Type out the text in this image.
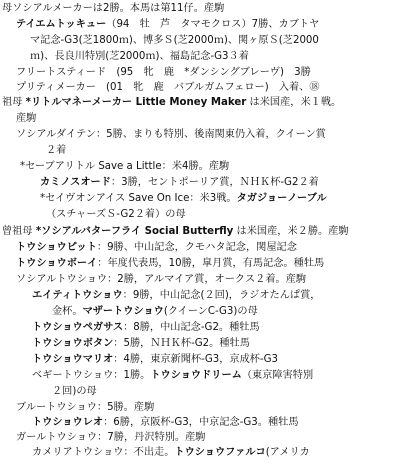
母ソシアルメーカーは2勝。本馬は第11仔。産駒
テイエムトッキュー（94　牡　芦　タマモクロス）7勝、カブトヤ
マ記念-G3(芝1800ｍ)、博多Ｓ(芝2000ｍ)、関ヶ原Ｓ(芝2000
ｍ)、長良川特別(芝2000ｍ)、福島記念-G3３着
フリートスティード　(95　牝　鹿　*ダンシングブレーヴ)　3勝
プリティメーカー　(01　牝　鹿　バブルガムフェロー)　入着、⑱
祖母 *リトルマネーメーカー Little Money Maker は米国産，米１戦。
産駒
ソシアルダイテン：5勝、まりも特別、後南関東仍入着，クイーン賞
２着
*セーブアリトル Save a Little：米4勝。産駒
カミノスオード：3勝，セントポーリア賞，ＮＨＫ杯-G2２着
*セイヴオンアイス Save On Ice：米3戦。タガジョーノーブル
（スチャーズＳ-G2２着）の母
曾祖母 *ソシアルバターフライ Social Butterfly は米国産，米２勝。産駒
トウショウピット：9勝、中山記念，クモハタ記念，関屋記念
トウショウボーイ：年度代表馬，10勝，皐月賞，有馬記念。種牡馬
ソシアルトウショウ：2勝，アルマイア賞，オークス２着。産駒
エイティトウショウ：9勝，中山記念(２回)，ラジオたんぱ賞，
金杯。マザートウショウ(クイーンC-G3)の母
トウショウペガサス：8勝，中山記念-G2。種牡馬
トウショウボタン：5勝，ＮＨＫ杯-G2。種牡馬
トウショウマリオ：4勝，東京新聞杯-G3，京成杯-G3
ベギートウショウ：1勝。トウショウドリーム（東京障害特別
２回)の母
ブルートウショウ：5勝。産駒
トウショウレオ：6勝，京阪杯-G3，中京記念-G3。種牡馬
ガールトウショウ：7勝，丹沢特別。産駒
カメリアトウショウ：不出走。トウショウファルコ(アメリカ
